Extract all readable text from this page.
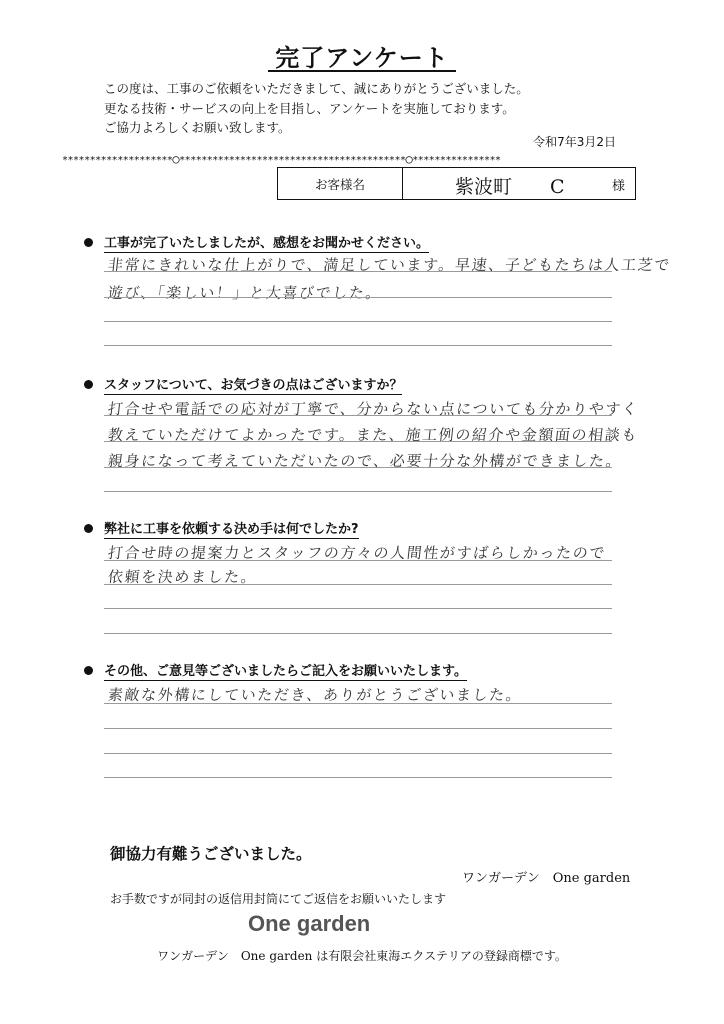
完了アンケート
この度は、工事のご依頼をいただきまして、誠にありがとうございました。
更なる技術・サービスの向上を目指し、アンケートを実施しております。
ご協力よろしくお願い致します。
令和7年3月2日
********************○*****************************************○****************
お客様名	紫波町　　C	様
工事が完了いたしましたが、感想をお聞かせください。
非常にきれいな仕上がりで、満足しています。早速、子どもたちは人工芝で
遊び、「楽しい！」と大喜びでした。
スタッフについて、お気づきの点はございますか？
打合せや電話での応対が丁寧で、分からない点についても分かりやすく
教えていただけてよかったです。また、施工例の紹介や金額面の相談も
親身になって考えていただいたので、必要十分な外構ができました。
弊社に工事を依頼する決め手は何でしたか?
打合せ時の提案力とスタッフの方々の人間性がすばらしかったので
依頼を決めました。
その他、ご意見等ございましたらご記入をお願いいたします。
素敵な外構にしていただき、ありがとうございました。
御協力有難うございました。
ワンガーデン　One garden
お手数ですが同封の返信用封筒にてご返信をお願いいたします
One garden
ワンガーデン　One garden は有限会社東海エクステリアの登録商標です。
